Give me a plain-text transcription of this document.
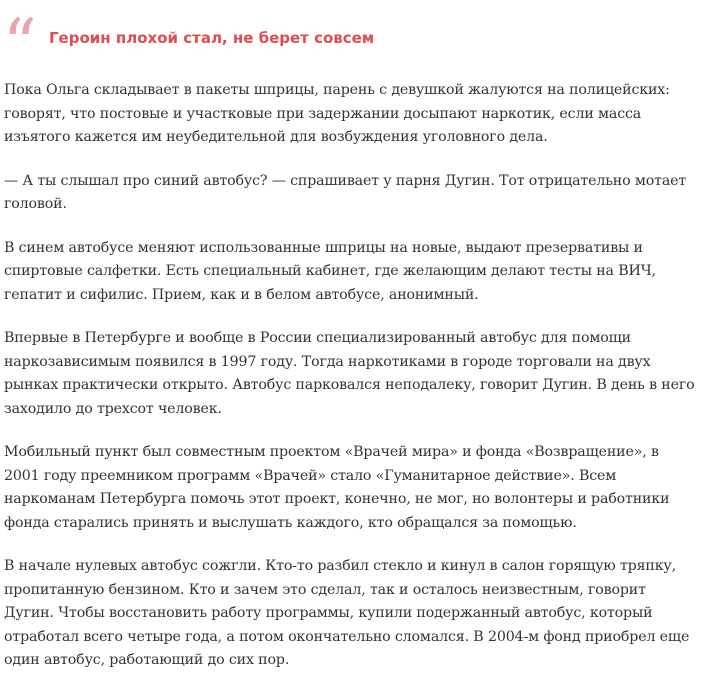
“ Героин плохой стал, не берет совсем

Пока Ольга складывает в пакеты шприцы, парень с девушкой жалуются на полицейских: говорят, что постовые и участковые при задержании досыпают наркотик, если масса изъятого кажется им неубедительной для возбуждения уголовного дела.

— А ты слышал про синий автобус? — спрашивает у парня Дугин. Тот отрицательно мотает головой.

В синем автобусе меняют использованные шприцы на новые, выдают презервативы и спиртовые салфетки. Есть специальный кабинет, где желающим делают тесты на ВИЧ, гепатит и сифилис. Прием, как и в белом автобусе, анонимный.

Впервые в Петербурге и вообще в России специализированный автобус для помощи наркозависимым появился в 1997 году. Тогда наркотиками в городе торговали на двух рынках практически открыто. Автобус парковался неподалеку, говорит Дугин. В день в него заходило до трехсот человек.

Мобильный пункт был совместным проектом «Врачей мира» и фонда «Возвращение», в 2001 году преемником программ «Врачей» стало «Гуманитарное действие». Всем наркоманам Петербурга помочь этот проект, конечно, не мог, но волонтеры и работники фонда старались принять и выслушать каждого, кто обращался за помощью.

В начале нулевых автобус сожгли. Кто-то разбил стекло и кинул в салон горящую тряпку, пропитанную бензином. Кто и зачем это сделал, так и осталось неизвестным, говорит Дугин. Чтобы восстановить работу программы, купили подержанный автобус, который отработал всего четыре года, а потом окончательно сломался. В 2004-м фонд приобрел еще один автобус, работающий до сих пор.
